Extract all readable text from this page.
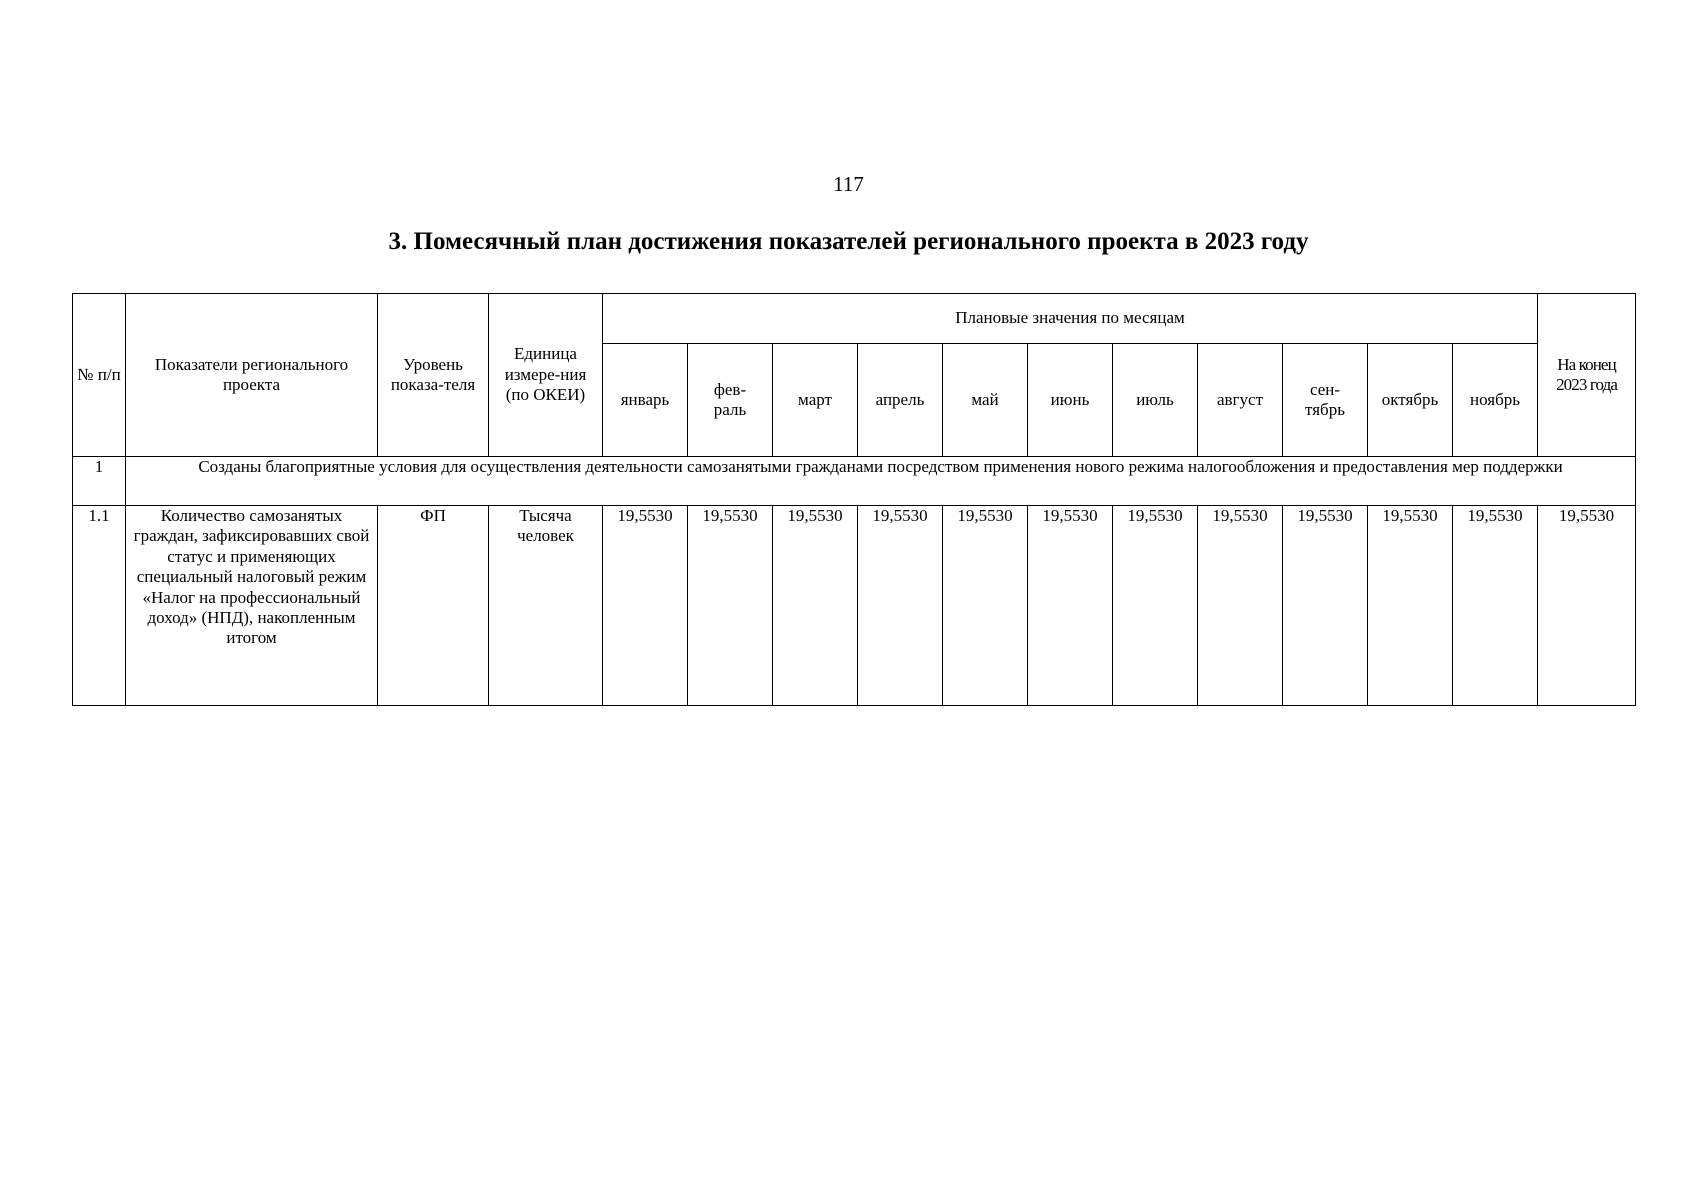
117
3. Помесячный план достижения показателей регионального проекта в 2023 году
№ п/п	Показатели регионального проекта	Уровень показа-теля	Единица измере-ния (по ОКЕИ)	Плановые значения по месяцам											На конец 2023 года
				январь	фев-раль	март	апрель	май	июнь	июль	август	сен-тябрь	октябрь	ноябрь	
1	Созданы благоприятные условия для осуществления деятельности самозанятыми гражданами посредством применения нового режима налогообложения и предоставления мер поддержки														
1.1	Количество самозанятых граждан, зафиксировавших свой статус и применяющих специальный налоговый режим «Налог на профессиональный доход» (НПД), накопленным итогом	ФП	Тысяча человек	19,5530	19,5530	19,5530	19,5530	19,5530	19,5530	19,5530	19,5530	19,5530	19,5530	19,5530	19,5530
